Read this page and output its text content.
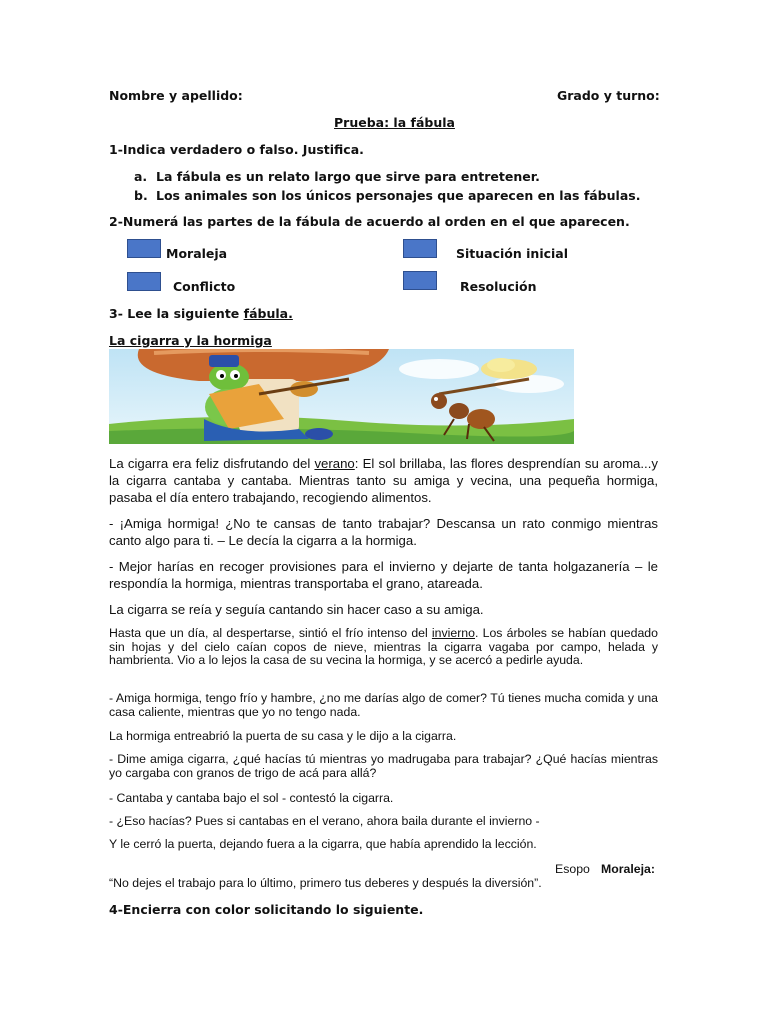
Nombre y apellido:	Grado y turno:
Prueba: la fábula
1-Indica verdadero o falso. Justifica.
a. La fábula es un relato largo que sirve para entretener.
b. Los animales son los únicos personajes que aparecen en las fábulas.
2-Numerá las partes de la fábula de acuerdo al orden en el que aparecen.
Moraleja	Situación inicial
Conflicto	Resolución
3- Lee la siguiente fábula.
La cigarra y la hormiga
La cigarra era feliz disfrutando del verano: El sol brillaba, las flores desprendían su aroma...y la cigarra cantaba y cantaba. Mientras tanto su amiga y vecina, una pequeña hormiga, pasaba el día entero trabajando, recogiendo alimentos.
- ¡Amiga hormiga! ¿No te cansas de tanto trabajar? Descansa un rato conmigo mientras canto algo para ti. – Le decía la cigarra a la hormiga.
- Mejor harías en recoger provisiones para el invierno y dejarte de tanta holgazanería – le respondía la hormiga, mientras transportaba el grano, atareada.
La cigarra se reía y seguía cantando sin hacer caso a su amiga.
Hasta que un día, al despertarse, sintió el frío intenso del invierno. Los árboles se habían quedado sin hojas y del cielo caían copos de nieve, mientras la cigarra vagaba por campo, helada y hambrienta. Vio a lo lejos la casa de su vecina la hormiga, y se acercó a pedirle ayuda.
- Amiga hormiga, tengo frío y hambre, ¿no me darías algo de comer? Tú tienes mucha comida y una casa caliente, mientras que yo no tengo nada.
La hormiga entreabrió la puerta de su casa y le dijo a la cigarra.
- Dime amiga cigarra, ¿qué hacías tú mientras yo madrugaba para trabajar? ¿Qué hacías mientras yo cargaba con granos de trigo de acá para allá?
- Cantaba y cantaba bajo el sol - contestó la cigarra.
- ¿Eso hacías? Pues si cantabas en el verano, ahora baila durante el invierno -
Y le cerró la puerta, dejando fuera a la cigarra, que había aprendido la lección.
Esopo Moraleja:
“No dejes el trabajo para lo último, primero tus deberes y después la diversión”.
4-Encierra con color solicitando lo siguiente.
